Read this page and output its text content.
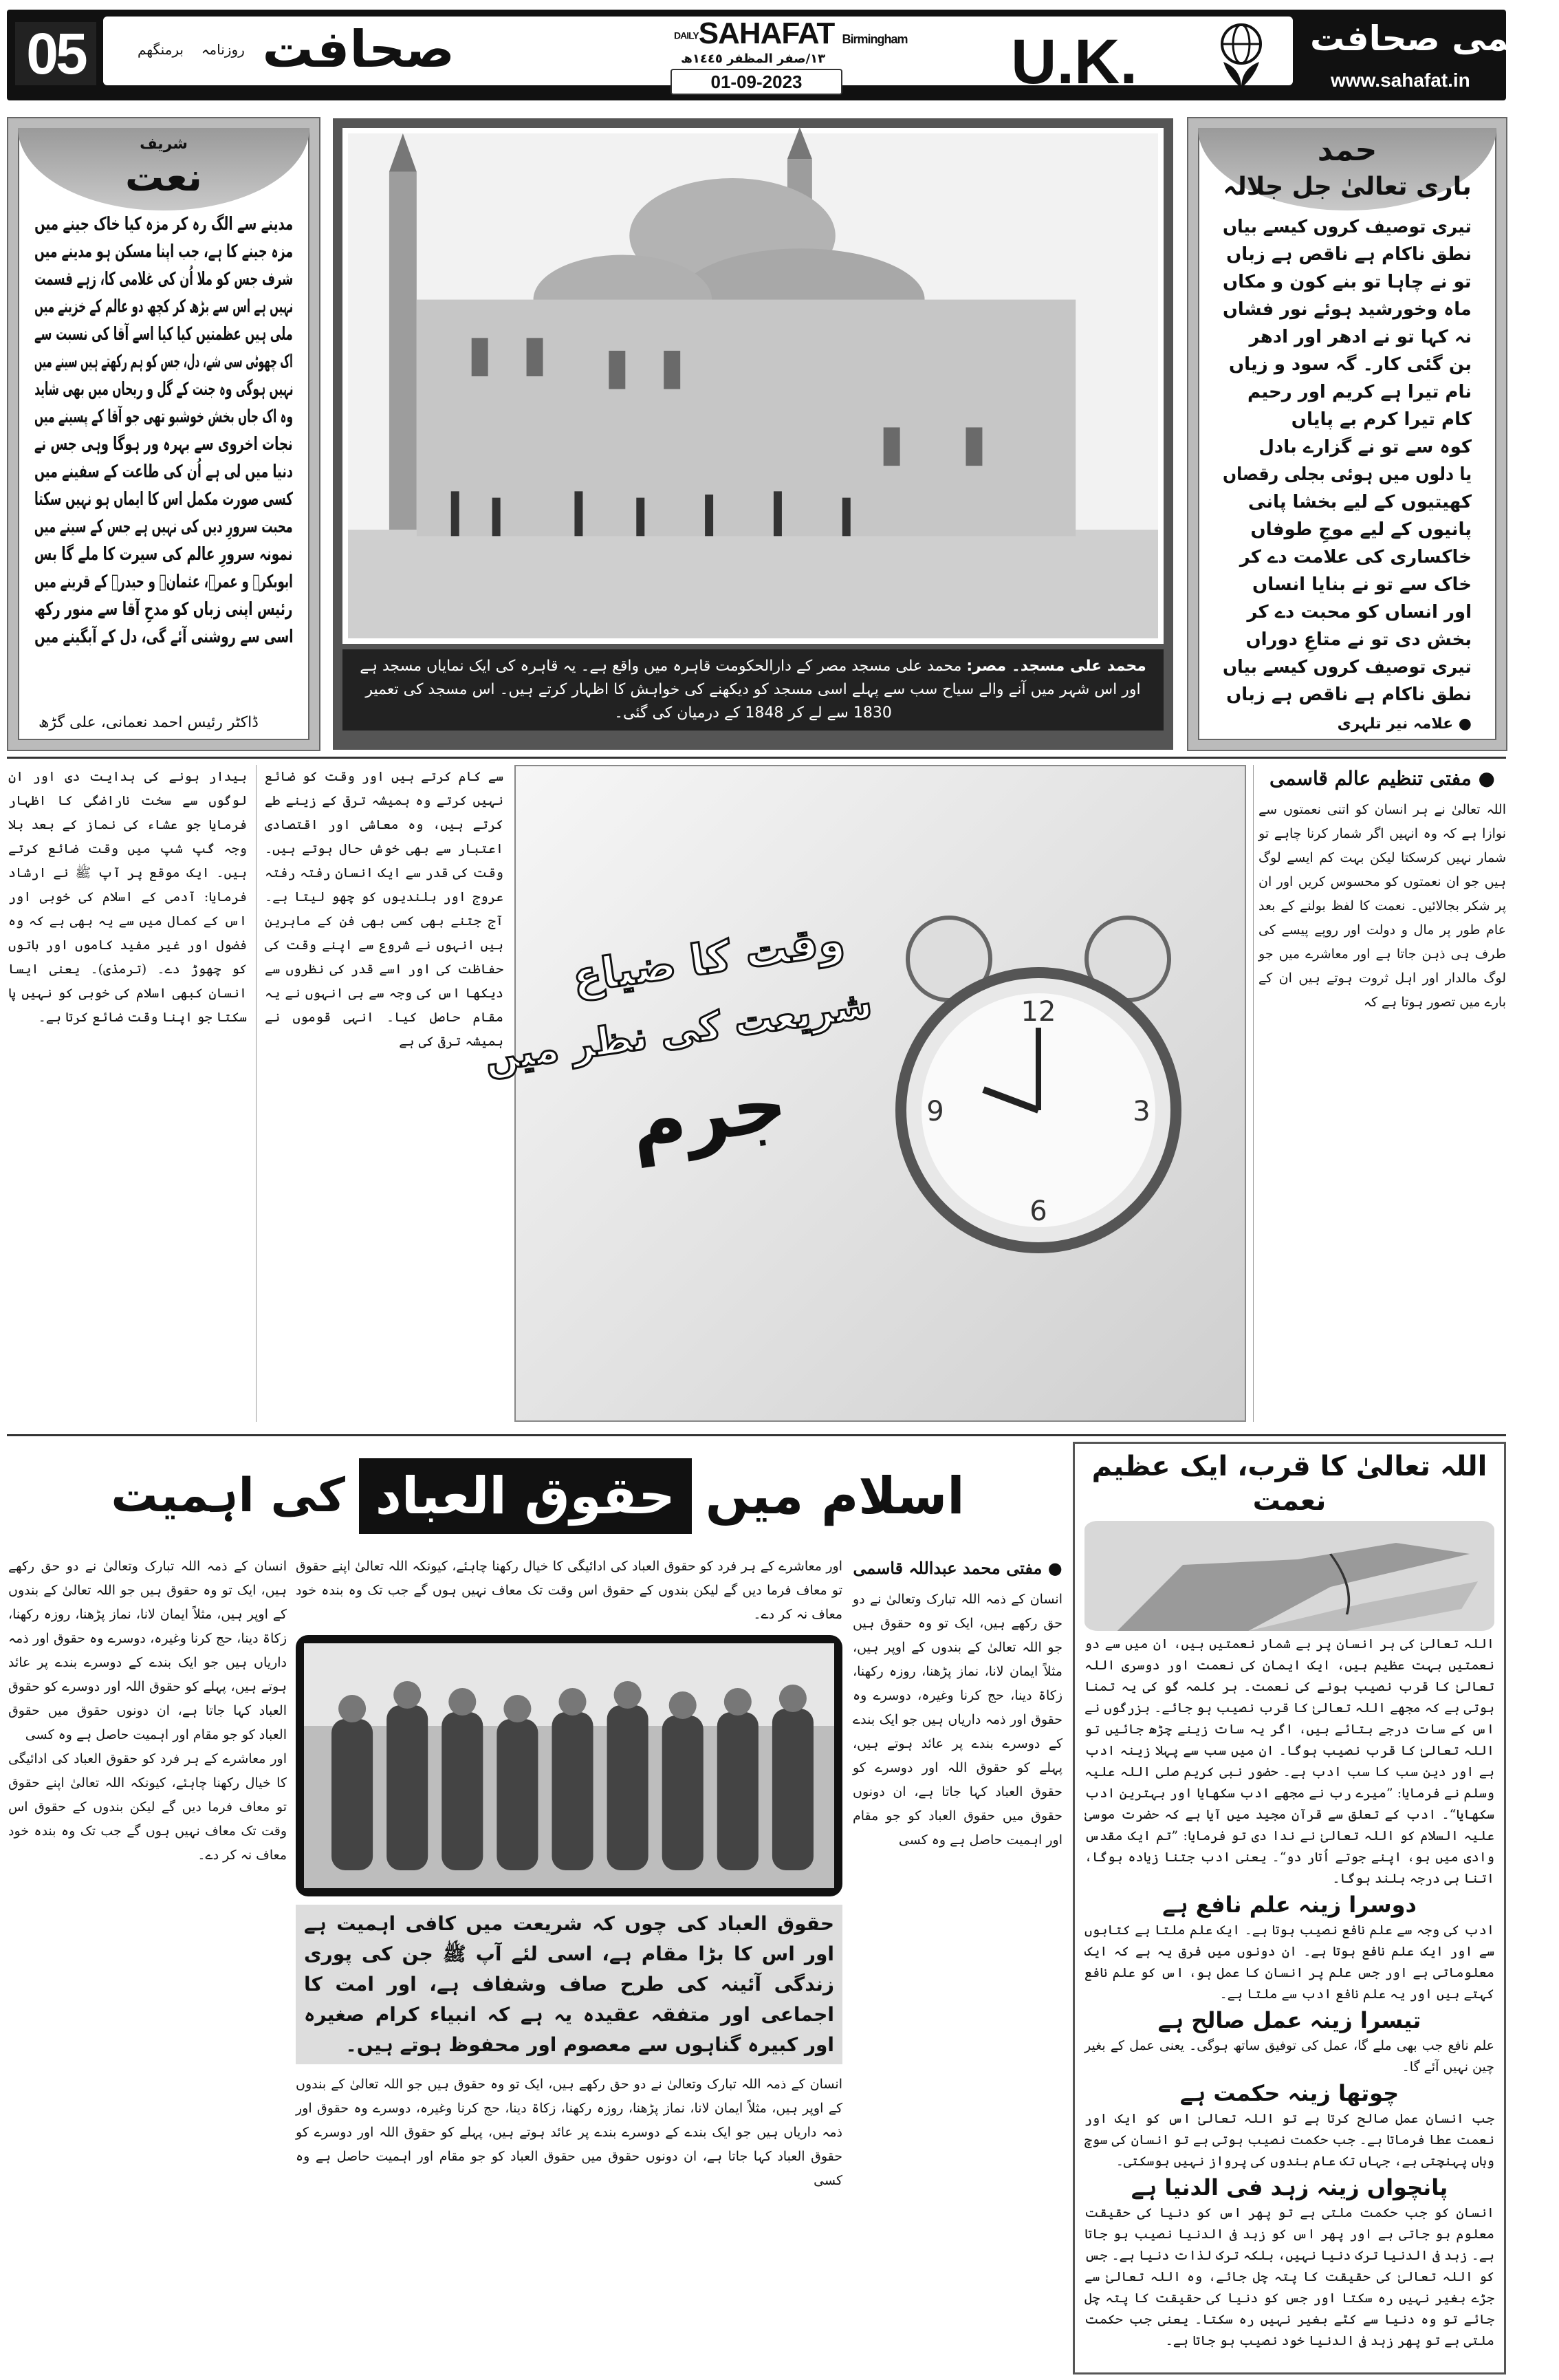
05	صحافت $^{روزنامہ}$ $^{برمنگھم}$
DAILYSAHAFAT Birmingham
١٣/صفر المظفر ١٤٤٥ھ
01-09-2023	U.K.	عالمی صحافت
www.sahafat.in
شریف
نعت
مدینے سے الگ رہ کر مزہ کیا خاک جینے میں
مزہ جینے کا ہے، جب اپنا مسکن ہو مدینے میں
شرف جس کو ملا اُن کی غلامی کا، زہے قسمت
نہیں ہے اس سے بڑھ کر کچھ دو عالم کے خزینے میں
ملی ہیں عظمتیں کیا کیا اسے آقا کی نسبت سے
اک چھوٹی سی شے، دل، جس کو ہم رکھتے ہیں سینے میں
نہیں ہوگی وہ جنت کے گل و ریحاں میں بھی شاید
وہ اک جاں بخش خوشبو تھی جو آقا کے پسینے میں
نجات اخروی سے بہرہ ور ہوگا وہی جس نے
دنیا میں لی ہے اُن کی طاعت کے سفینے میں
کسی صورت مکمل اس کا ایماں ہو نہیں سکتا
محبت سرورِ دیں کی نہیں ہے جس کے سینے میں
نمونہ سرورِ عالم کی سیرت کا ملے گا بس
ابوبکرؓ و عمرؓ، عثمانؓ و حیدرؓ کے قرینے میں
رئیس اپنی زباں کو مدحِ آقا سے منور رکھ
اسی سے روشنی آئے گی، دل کے آبگینے میں
ڈاکٹر رئیس احمد نعمانی، علی گڑھ
محمد علی مسجد۔ مصر: محمد علی مسجد مصر کے دارالحکومت قاہرہ میں واقع ہے۔ یہ قاہرہ کی ایک نمایاں مسجد ہے اور اس شہر میں آنے والے سیاح سب سے پہلے اسی مسجد کو دیکھنے کی خواہش کا اظہار کرتے ہیں۔ اس مسجد کی تعمیر 1830 سے لے کر 1848 کے درمیان کی گئی۔
حمد
باری تعالیٰ جل جلالہ
تیری توصیف کروں کیسے بیاں
نطق ناکام ہے ناقص ہے زباں
تو نے چاہا تو بنے کون و مکاں
ماہ وخورشید ہوئے نور فشاں
نہ کہا تو نے ادھر اور ادھر
بن گئی کار۔ گہ سود و زیاں
نام تیرا ہے کریم اور رحیم
کام تیرا کرم بے پایاں
کوہ سے تو نے گزارے بادل
یا دلوں میں ہوئی بجلی رقصاں
کھیتیوں کے لیے بخشا پانی
پانیوں کے لیے موجِ طوفاں
خاکساری کی علامت دے کر
خاک سے تو نے بنایا انساں
اور انساں کو محبت دے کر
بخش دی تو نے متاعِ دوراں
تیری توصیف کروں کیسے بیاں
نطق ناکام ہے ناقص ہے زباں
● علامہ نیر تلہری
● مفتی تنظیم عالم قاسمی

اللہ تعالیٰ نے ہر انسان کو اتنی نعمتوں سے نوازا ہے کہ وہ انہیں اگر شمار کرنا چاہے تو شمار نہیں کرسکتا لیکن بہت کم ایسے لوگ ہیں جو ان نعمتوں کو محسوس کریں اور ان پر شکر بجالائیں۔ نعمت کا لفظ بولنے کے بعد عام طور پر مال و دولت اور روپے پیسے کی طرف ہی ذہن جاتا ہے اور معاشرے میں جو لوگ مالدار اور اہل ثروت ہوتے ہیں ان کے بارے میں تصور ہوتا ہے کہ

12
3
6
9
وقت کا ضیاع
شریعت کی نظر میں
جرم

سے کام کرتے ہیں اور وقت کو ضائع نہیں کرتے وہ ہمیشہ ترقی کے زینے طے کرتے ہیں، وہ معاشی اور اقتصادی اعتبار سے بھی خوش حال ہوتے ہیں۔ وقت کی قدر سے ایک انسان رفتہ رفتہ عروج اور بلندیوں کو چھو لیتا ہے۔ آج جتنے بھی کسی بھی فن کے ماہرین ہیں انہوں نے شروع سے اپنے وقت کی حفاظت کی اور اسے قدر کی نظروں سے دیکھا اس کی وجہ سے ہی انہوں نے یہ مقام حاصل کیا۔ انہی قوموں نے ہمیشہ ترقی کی ہے

بیدار ہونے کی ہدایت دی اور ان لوگوں سے سخت ناراضگی کا اظہار فرمایا جو عشاء کی نماز کے بعد بلا وجہ گپ شپ میں وقت ضائع کرتے ہیں۔ ایک موقع پر آپ ﷺ نے ارشاد فرمایا: آدمی کے اسلام کی خوبی اور اس کے کمال میں سے یہ بھی ہے کہ وہ فضول اور غیر مفید کاموں اور باتوں کو چھوڑ دے۔ (ترمذی)۔ یعنی ایسا انسان کبھی اسلام کی خوبی کو نہیں پا سکتا جو اپنا وقت ضائع کرتا ہے۔

اسلام میں
حقوق العباد
کی اہمیت
● مفتی محمد عبداللہ قاسمی

انسان کے ذمہ اللہ تبارک وتعالیٰ نے دو حق رکھے ہیں، ایک تو وہ حقوق ہیں جو اللہ تعالیٰ کے بندوں کے اوپر ہیں، مثلاً ایمان لانا، نماز پڑھنا، روزہ رکھنا، زکاۃ دینا، حج کرنا وغیرہ، دوسرے وہ حقوق اور ذمہ داریاں ہیں جو ایک بندے کے دوسرے بندے پر عائد ہوتے ہیں، پہلے کو حقوق اللہ اور دوسرے کو حقوق العباد کہا جاتا ہے، ان دونوں حقوق میں حقوق العباد کو جو مقام اور اہمیت حاصل ہے وہ کسی

اور معاشرے کے ہر فرد کو حقوق العباد کی ادائیگی کا خیال رکھنا چاہئے، کیونکہ اللہ تعالیٰ اپنے حقوق تو معاف فرما دیں گے لیکن بندوں کے حقوق اس وقت تک معاف نہیں ہوں گے جب تک وہ بندہ خود معاف نہ کر دے۔

حقوق العباد کی چوں کہ شریعت میں کافی اہمیت ہے اور اس کا بڑا مقام ہے، اسی لئے آپ ﷺ جن کی پوری زندگی آئینہ کی طرح صاف وشفاف ہے، اور امت کا اجماعی اور متفقہ عقیدہ یہ ہے کہ انبیاء کرام صغیرہ اور کبیرہ گناہوں سے معصوم اور محفوظ ہوتے ہیں۔

انسان کے ذمہ اللہ تبارک وتعالیٰ نے دو حق رکھے ہیں، ایک تو وہ حقوق ہیں جو اللہ تعالیٰ کے بندوں کے اوپر ہیں، مثلاً ایمان لانا، نماز پڑھنا، روزہ رکھنا، زکاۃ دینا، حج کرنا وغیرہ، دوسرے وہ حقوق اور ذمہ داریاں ہیں جو ایک بندے کے دوسرے بندے پر عائد ہوتے ہیں، پہلے کو حقوق اللہ اور دوسرے کو حقوق العباد کہا جاتا ہے، ان دونوں حقوق میں حقوق العباد کو جو مقام اور اہمیت حاصل ہے وہ کسی

انسان کے ذمہ اللہ تبارک وتعالیٰ نے دو حق رکھے ہیں، ایک تو وہ حقوق ہیں جو اللہ تعالیٰ کے بندوں کے اوپر ہیں، مثلاً ایمان لانا، نماز پڑھنا، روزہ رکھنا، زکاۃ دینا، حج کرنا وغیرہ، دوسرے وہ حقوق اور ذمہ داریاں ہیں جو ایک بندے کے دوسرے بندے پر عائد ہوتے ہیں، پہلے کو حقوق اللہ اور دوسرے کو حقوق العباد کہا جاتا ہے، ان دونوں حقوق میں حقوق العباد کو جو مقام اور اہمیت حاصل ہے وہ کسی

اور معاشرے کے ہر فرد کو حقوق العباد کی ادائیگی کا خیال رکھنا چاہئے، کیونکہ اللہ تعالیٰ اپنے حقوق تو معاف فرما دیں گے لیکن بندوں کے حقوق اس وقت تک معاف نہیں ہوں گے جب تک وہ بندہ خود معاف نہ کر دے۔

اللہ تعالیٰ کا قرب، ایک عظیم نعمت

اللہ تعالیٰ کی ہر انسان پر بے شمار نعمتیں ہیں، ان میں سے دو نعمتیں بہت عظیم ہیں، ایک ایمان کی نعمت اور دوسری اللہ تعالیٰ کا قرب نصیب ہونے کی نعمت۔ ہر کلمہ گو کی یہ تمنا ہوتی ہے کہ مجھے اللہ تعالیٰ کا قرب نصیب ہو جائے۔ بزرگوں نے اس کے سات درجے بتائے ہیں، اگر یہ سات زینے چڑھ جائیں تو اللہ تعالیٰ کا قرب نصیب ہوگا۔ ان میں سب سے پہلا زینہ ادب ہے اور دین سب کا سب ادب ہے۔ حضور نبی کریم صلی اللہ علیہ وسلم نے فرمایا: ”میرے رب نے مجھے ادب سکھایا اور بہترین ادب سکھایا“۔ ادب کے تعلق سے قرآن مجید میں آیا ہے کہ حضرت موسیٰ علیہ السلام کو اللہ تعالیٰ نے ندا دی تو فرمایا: ”تم ایک مقدس وادی میں ہو، اپنے جوتے اُتار دو“۔ یعنی ادب جتنا زیادہ ہوگا، اتنا ہی درجہ بلند ہوگا۔

دوسرا زینہ علم نافع ہے

ادب کی وجہ سے علم نافع نصیب ہوتا ہے۔ ایک علم ملتا ہے کتابوں سے اور ایک علم نافع ہوتا ہے۔ ان دونوں میں فرق یہ ہے کہ ایک معلوماتی ہے اور جس علم پر انسان کا عمل ہو، اس کو علم نافع کہتے ہیں اور یہ علم نافع ادب سے ملتا ہے۔

تیسرا زینہ عمل صالح ہے

علم نافع جب بھی ملے گا، عمل کی توفیق ساتھ ہوگی۔ یعنی عمل کے بغیر چین نہیں آئے گا۔

چوتھا زینہ حکمت ہے

جب انسان عمل صالح کرتا ہے تو اللہ تعالیٰ اس کو ایک اور نعمت عطا فرماتا ہے۔ جب حکمت نصیب ہوتی ہے تو انسان کی سوچ وہاں پہنچتی ہے، جہاں تک عام بندوں کی پرواز نہیں ہوسکتی۔

پانچواں زینہ زہد فی الدنیا ہے

انسان کو جب حکمت ملتی ہے تو پھر اس کو دنیا کی حقیقت معلوم ہو جاتی ہے اور پھر اس کو زہد فی الدنیا نصیب ہو جاتا ہے۔ زہد فی الدنیا ترک دنیا نہیں، بلکہ ترک لذات دنیا ہے۔ جس کو اللہ تعالیٰ کی حقیقت کا پتہ چل جائے، وہ اللہ تعالیٰ سے جڑے بغیر نہیں رہ سکتا اور جس کو دنیا کی حقیقت کا پتہ چل جائے تو وہ دنیا سے کٹے بغیر نہیں رہ سکتا۔ یعنی جب حکمت ملتی ہے تو پھر زہد فی الدنیا خود نصیب ہو جاتا ہے۔
